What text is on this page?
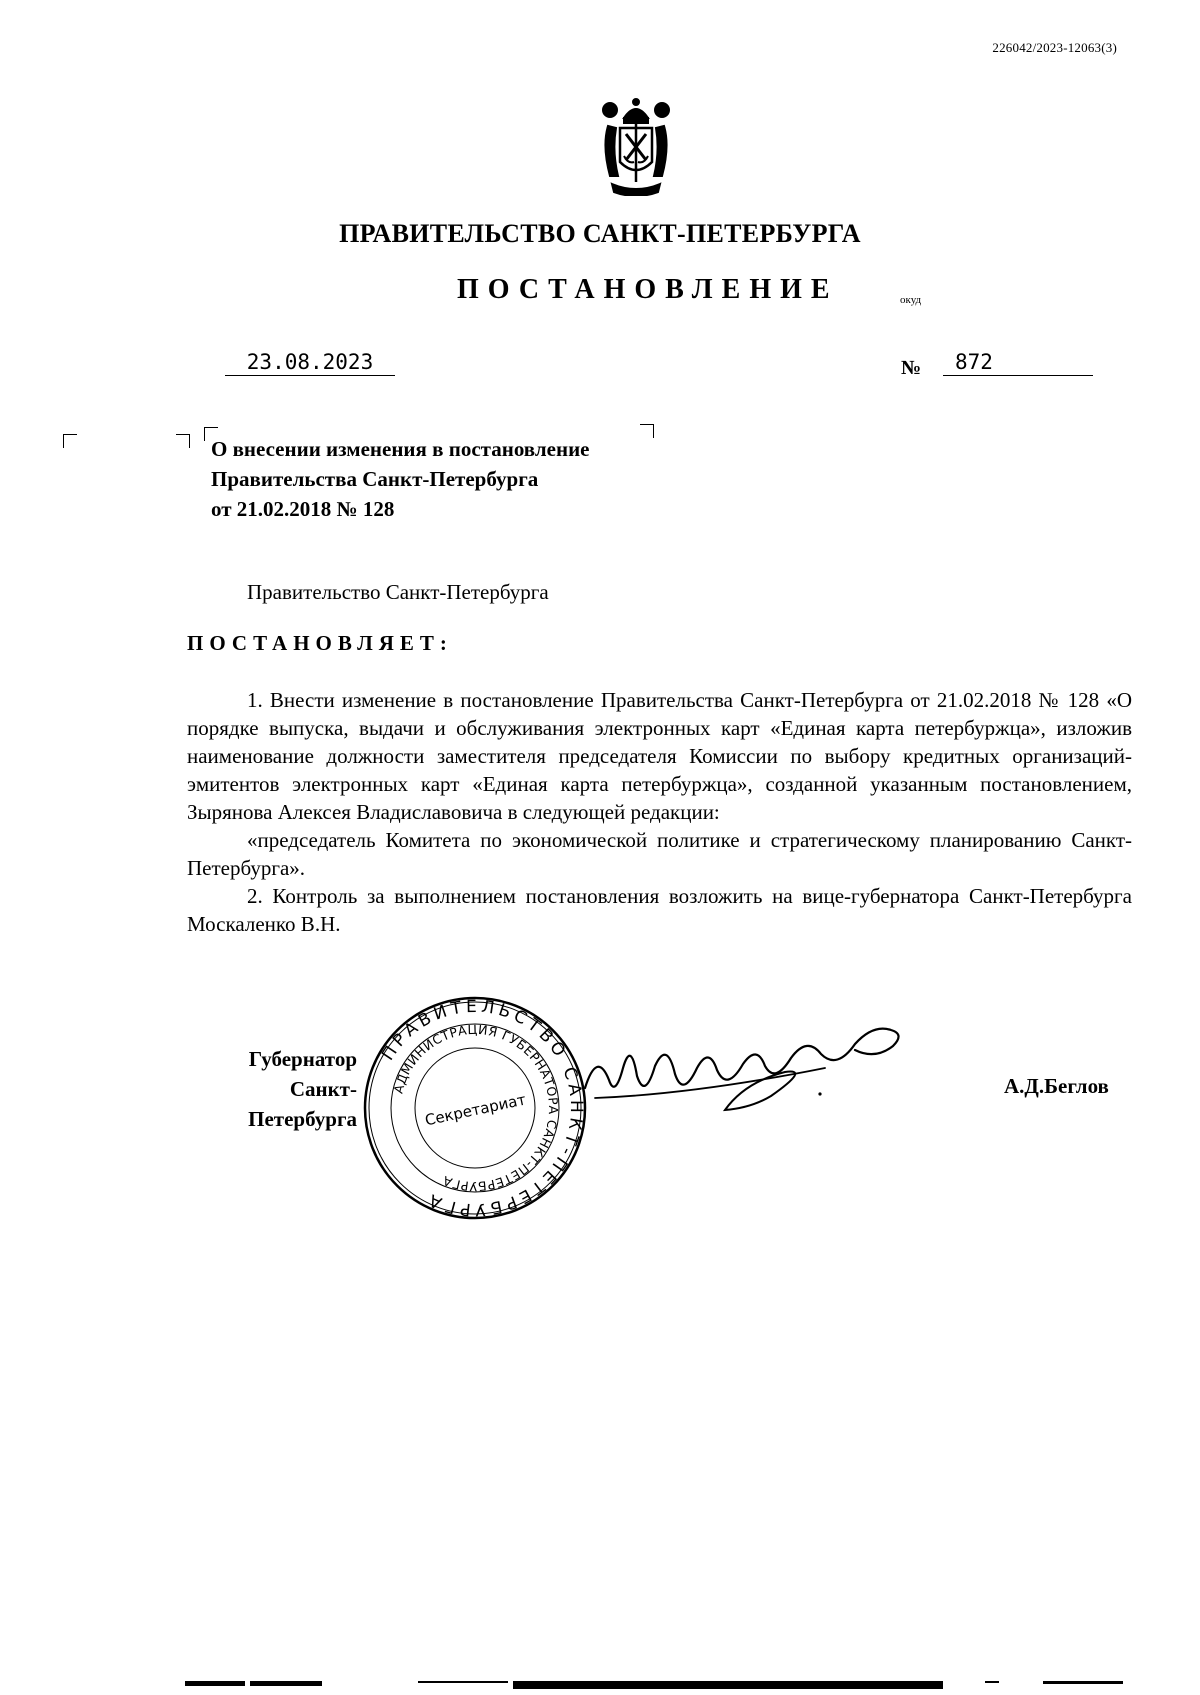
226042/2023-12063(3)
ПРАВИТЕЛЬСТВО САНКТ-ПЕТЕРБУРГА
ПОСТАНОВЛЕНИЕ	окуд
23.08.2023	№	872
О внесении изменения в постановление
Правительства Санкт-Петербурга
от 21.02.2018 № 128
Правительство Санкт-Петербурга
ПОСТАНОВЛЯЕТ:

1. Внести изменение в постановление Правительства Санкт-Петербурга от 21.02.2018 № 128 «О порядке выпуска, выдачи и обслуживания электронных карт «Единая карта петербуржца», изложив наименование должности заместителя председателя Комиссии по выбору кредитных организаций-эмитентов электронных карт «Единая карта петербуржца», созданной указанным постановлением, Зырянова Алексея Владиславовича в следующей редакции:

«председатель Комитета по экономической политике и стратегическому планированию Санкт-Петербурга».

2. Контроль за выполнением постановления возложить на вице-губернатора Санкт-Петербурга Москаленко В.Н.

Губернатор
Санкт-Петербурга
А.Д.Беглов
ПРАВИТЕЛЬСТВО САНКТ-ПЕТЕРБУРГА
АДМИНИСТРАЦИЯ ГУБЕРНАТОРА САНКТ-ПЕТЕРБУРГА
Секретариат
